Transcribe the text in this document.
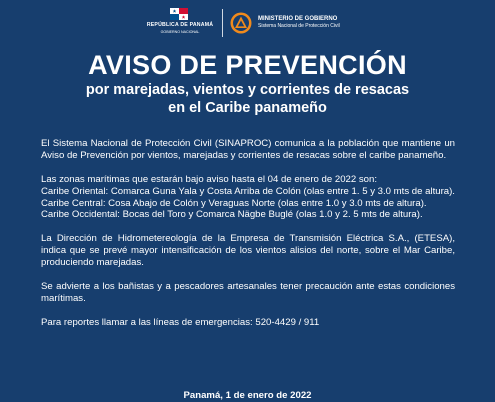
REPÚBLICA DE PANAMÁ
GOBIERNO NACIONAL
MINISTERIO DE GOBIERNO
Sistema Nacional de Protección Civil
AVISO DE PREVENCIÓN
por marejadas, vientos y corrientes de resacas
en el Caribe panameño

El Sistema Nacional de Protección Civil (SINAPROC) comunica a la población que mantiene un Aviso de Prevención por vientos, marejadas y corrientes de resacas sobre el caribe panameño.

Las zonas marítimas que estarán bajo aviso hasta el 04 de enero de 2022 son:

Caribe Oriental: Comarca Guna Yala y Costa Arriba de Colón (olas entre 1. 5 y 3.0 mts de altura).

Caribe Central: Cosa Abajo de Colón y Veraguas Norte (olas entre 1.0 y 3.0 mts de altura).

Caribe Occidental: Bocas del Toro y Comarca Nägbe Buglé (olas 1.0 y 2. 5 mts de altura).

La Dirección de Hidrometereología de la Empresa de Transmisión Eléctrica S.A., (ETESA), indica que se prevé mayor intensificación de los vientos alisios del norte, sobre el Mar Caribe, produciendo marejadas.

Se advierte a los bañistas y a pescadores artesanales tener precaución ante estas condiciones marítimas.

Para reportes llamar a las líneas de emergencias: 520-4429 / 911

Panamá, 1 de enero de 2022
